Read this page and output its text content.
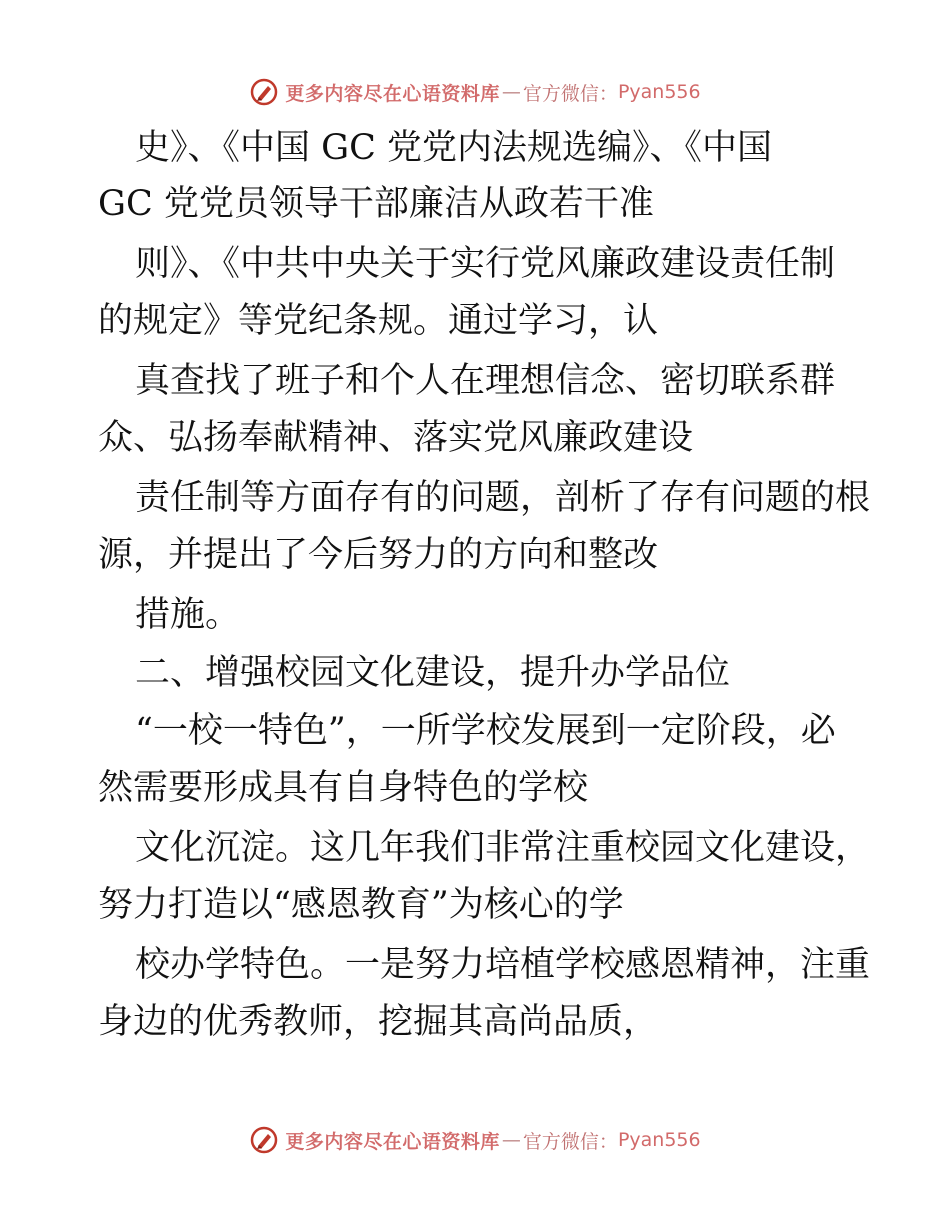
更多内容尽在心语资料库 — 官方微信： Pyan556
史》、《中国 GC 党党内法规选编》、《中国
GC 党党员领导干部廉洁从政若干准
则》、《中共中央关于实行党风廉政建设责任制
的规定》等党纪条规。通过学习，认
真查找了班子和个人在理想信念、密切联系群
众、弘扬奉献精神、落实党风廉政建设
责任制等方面存有的问题，剖析了存有问题的根
源，并提出了今后努力的方向和整改
措施。
二、增强校园文化建设，提升办学品位
“一校一特色”，一所学校发展到一定阶段，必
然需要形成具有自身特色的学校
文化沉淀。这几年我们非常注重校园文化建设，
努力打造以“感恩教育”为核心的学
校办学特色。一是努力培植学校感恩精神，注重
身边的优秀教师，挖掘其高尚品质，
更多内容尽在心语资料库 — 官方微信： Pyan556
